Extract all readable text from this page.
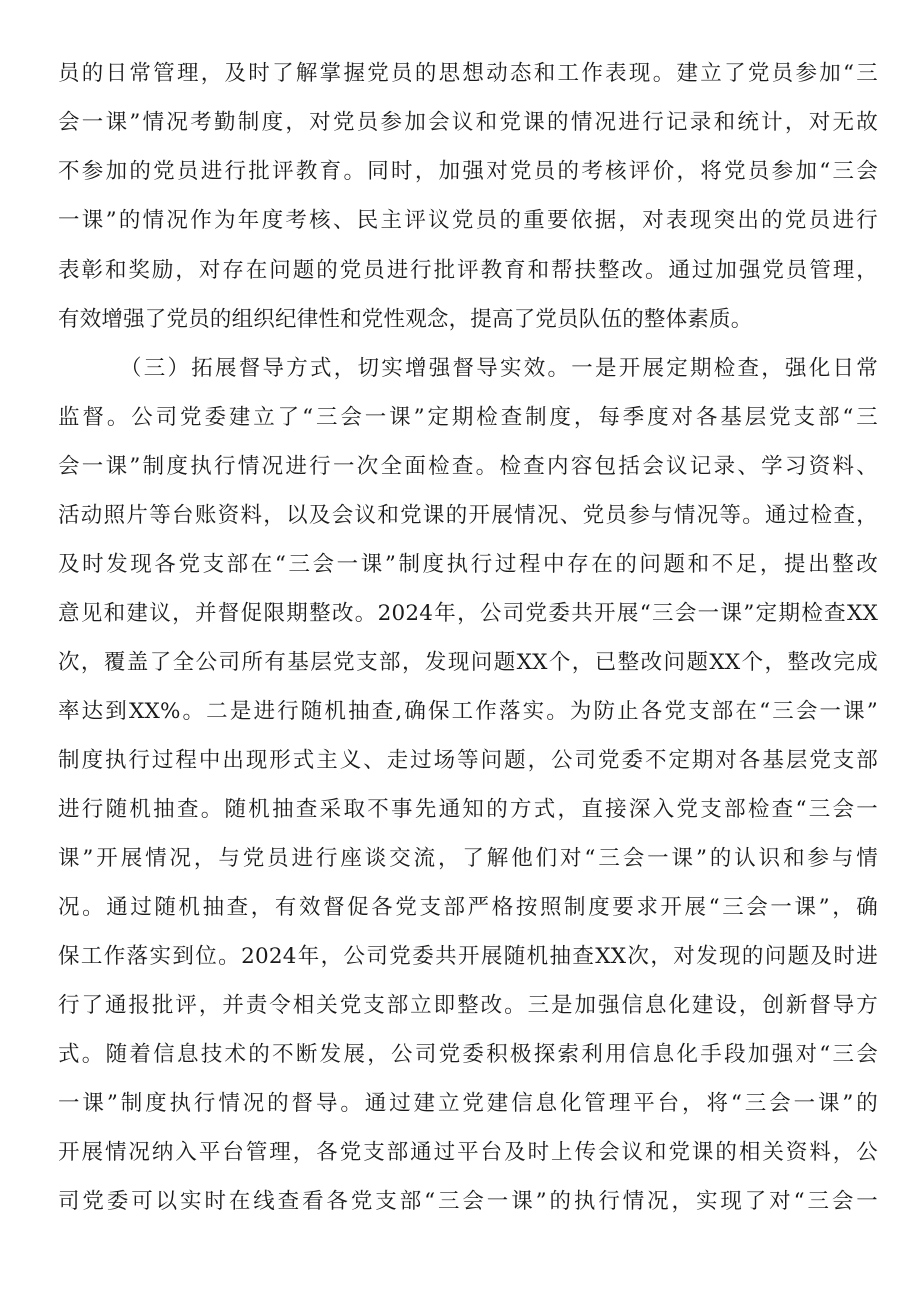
员的日常管理，及时了解掌握党员的思想动态和工作表现。建立了党员参加“三
会一课”情况考勤制度，对党员参加会议和党课的情况进行记录和统计，对无故
不参加的党员进行批评教育。同时，加强对党员的考核评价，将党员参加“三会
一课”的情况作为年度考核、民主评议党员的重要依据，对表现突出的党员进行
表彰和奖励，对存在问题的党员进行批评教育和帮扶整改。通过加强党员管理，
有效增强了党员的组织纪律性和党性观念，提高了党员队伍的整体素质。
（三）拓展督导方式，切实增强督导实效。一是开展定期检查，强化日常
监督。公司党委建立了“三会一课”定期检查制度，每季度对各基层党支部“三
会一课”制度执行情况进行一次全面检查。检查内容包括会议记录、学习资料、
活动照片等台账资料，以及会议和党课的开展情况、党员参与情况等。通过检查，
及时发现各党支部在“三会一课”制度执行过程中存在的问题和不足，提出整改
意见和建议，并督促限期整改。2024年，公司党委共开展“三会一课”定期检查XX
次，覆盖了全公司所有基层党支部，发现问题XX个，已整改问题XX个，整改完成
率达到XX%。二是进行随机抽查,确保工作落实。为防止各党支部在“三会一课”
制度执行过程中出现形式主义、走过场等问题，公司党委不定期对各基层党支部
进行随机抽查。随机抽查采取不事先通知的方式，直接深入党支部检查“三会一
课”开展情况，与党员进行座谈交流，了解他们对“三会一课”的认识和参与情
况。通过随机抽查，有效督促各党支部严格按照制度要求开展“三会一课”，确
保工作落实到位。2024年，公司党委共开展随机抽查XX次，对发现的问题及时进
行了通报批评，并责令相关党支部立即整改。三是加强信息化建设，创新督导方
式。随着信息技术的不断发展，公司党委积极探索利用信息化手段加强对“三会
一课”制度执行情况的督导。通过建立党建信息化管理平台，将“三会一课”的
开展情况纳入平台管理，各党支部通过平台及时上传会议和党课的相关资料，公
司党委可以实时在线查看各党支部“三会一课”的执行情况，实现了对“三会一
